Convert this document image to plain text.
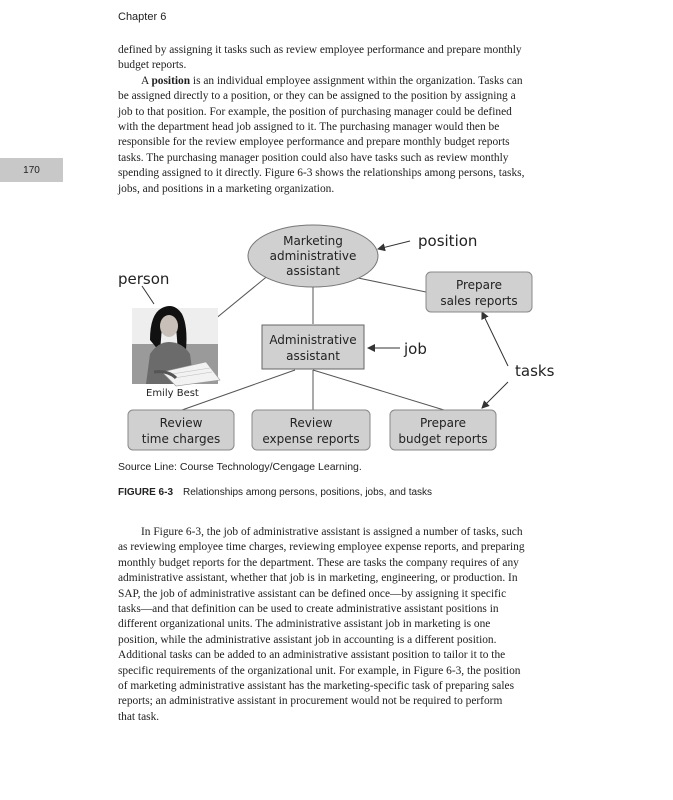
Chapter 6
170

defined by assigning it tasks such as review employee performance and prepare monthly
budget reports.

A position is an individual employee assignment within the organization. Tasks can
be assigned directly to a position, or they can be assigned to the position by assigning a
job to that position. For example, the position of purchasing manager could be defined
with the department head job assigned to it. The purchasing manager would then be
responsible for the review employee performance and prepare monthly budget reports
tasks. The purchasing manager position could also have tasks such as review monthly
spending assigned to it directly. Figure 6-3 shows the relationships among persons, tasks,
jobs, and positions in a marketing organization.

Marketing
administrative
assistant
position
person
Emily Best
Administrative
assistant	job
tasks
Prepare
sales reports
Review
time charges
Review
expense reports
Prepare
budget reports
Source Line: Course Technology/Cengage Learning.
FIGURE 6-3 Relationships among persons, positions, jobs, and tasks
In Figure 6-3, the job of administrative assistant is assigned a number of tasks, such
as reviewing employee time charges, reviewing employee expense reports, and preparing
monthly budget reports for the department. These are tasks the company requires of any
administrative assistant, whether that job is in marketing, engineering, or production. In
SAP, the job of administrative assistant can be defined once—by assigning it specific
tasks—and that definition can be used to create administrative assistant positions in
different organizational units. The administrative assistant job in marketing is one
position, while the administrative assistant job in accounting is a different position.
Additional tasks can be added to an administrative assistant position to tailor it to the
specific requirements of the organizational unit. For example, in Figure 6-3, the position
of marketing administrative assistant has the marketing-specific task of preparing sales
reports; an administrative assistant in procurement would not be required to perform
that task.
